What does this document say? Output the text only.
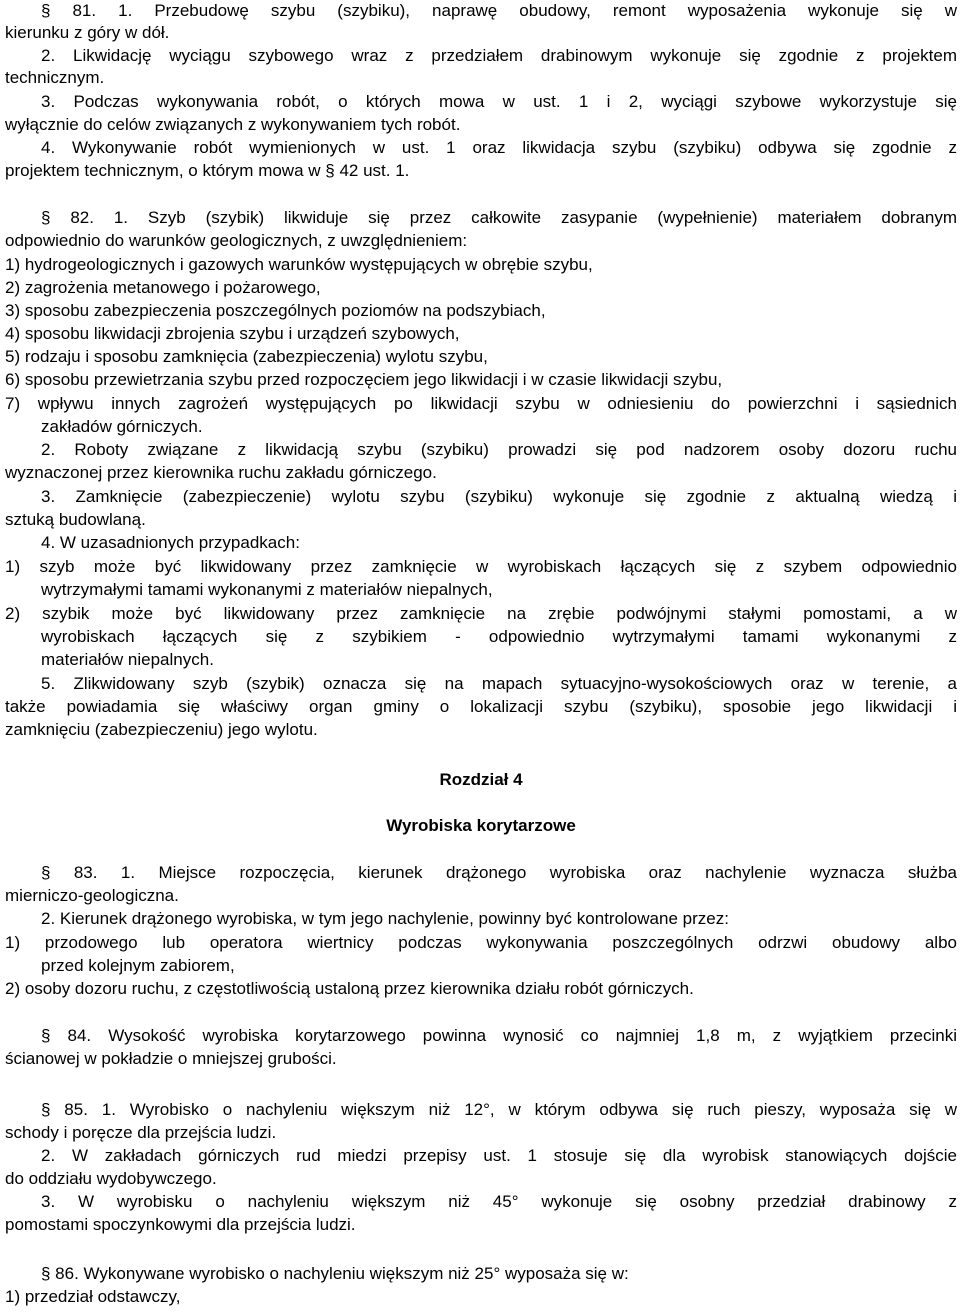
§ 81. 1. Przebudowę szybu (szybiku), naprawę obudowy, remont wyposażenia wykonuje się w
kierunku z góry w dół.
2. Likwidację wyciągu szybowego wraz z przedziałem drabinowym wykonuje się zgodnie z projektem
technicznym.
3. Podczas wykonywania robót, o których mowa w ust. 1 i 2, wyciągi szybowe wykorzystuje się
wyłącznie do celów związanych z wykonywaniem tych robót.
4. Wykonywanie robót wymienionych w ust. 1 oraz likwidacja szybu (szybiku) odbywa się zgodnie z
projektem technicznym, o którym mowa w § 42 ust. 1.
§ 82. 1. Szyb (szybik) likwiduje się przez całkowite zasypanie (wypełnienie) materiałem dobranym
odpowiednio do warunków geologicznych, z uwzględnieniem:
1) hydrogeologicznych i gazowych warunków występujących w obrębie szybu,
2) zagrożenia metanowego i pożarowego,
3) sposobu zabezpieczenia poszczególnych poziomów na podszybiach,
4) sposobu likwidacji zbrojenia szybu i urządzeń szybowych,
5) rodzaju i sposobu zamknięcia (zabezpieczenia) wylotu szybu,
6) sposobu przewietrzania szybu przed rozpoczęciem jego likwidacji i w czasie likwidacji szybu,
7) wpływu innych zagrożeń występujących po likwidacji szybu w odniesieniu do powierzchni i sąsiednich
zakładów górniczych.
2. Roboty związane z likwidacją szybu (szybiku) prowadzi się pod nadzorem osoby dozoru ruchu
wyznaczonej przez kierownika ruchu zakładu górniczego.
3. Zamknięcie (zabezpieczenie) wylotu szybu (szybiku) wykonuje się zgodnie z aktualną wiedzą i
sztuką budowlaną.
4. W uzasadnionych przypadkach:
1) szyb może być likwidowany przez zamknięcie w wyrobiskach łączących się z szybem odpowiednio
wytrzymałymi tamami wykonanymi z materiałów niepalnych,
2) szybik może być likwidowany przez zamknięcie na zrębie podwójnymi stałymi pomostami, a w
wyrobiskach łączących się z szybikiem - odpowiednio wytrzymałymi tamami wykonanymi z
materiałów niepalnych.
5. Zlikwidowany szyb (szybik) oznacza się na mapach sytuacyjno-wysokościowych oraz w terenie, a
także powiadamia się właściwy organ gminy o lokalizacji szybu (szybiku), sposobie jego likwidacji i
zamknięciu (zabezpieczeniu) jego wylotu.
Rozdział 4
Wyrobiska korytarzowe
§ 83. 1. Miejsce rozpoczęcia, kierunek drążonego wyrobiska oraz nachylenie wyznacza służba
mierniczo-geologiczna.
2. Kierunek drążonego wyrobiska, w tym jego nachylenie, powinny być kontrolowane przez:
1) przodowego lub operatora wiertnicy podczas wykonywania poszczególnych odrzwi obudowy albo
przed kolejnym zabiorem,
2) osoby dozoru ruchu, z częstotliwością ustaloną przez kierownika działu robót górniczych.
§ 84. Wysokość wyrobiska korytarzowego powinna wynosić co najmniej 1,8 m, z wyjątkiem przecinki
ścianowej w pokładzie o mniejszej grubości.
§ 85. 1. Wyrobisko o nachyleniu większym niż 12°, w którym odbywa się ruch pieszy, wyposaża się w
schody i poręcze dla przejścia ludzi.
2. W zakładach górniczych rud miedzi przepisy ust. 1 stosuje się dla wyrobisk stanowiących dojście
do oddziału wydobywczego.
3. W wyrobisku o nachyleniu większym niż 45° wykonuje się osobny przedział drabinowy z
pomostami spoczynkowymi dla przejścia ludzi.
§ 86. Wykonywane wyrobisko o nachyleniu większym niż 25° wyposaża się w:
1) przedział odstawczy,
